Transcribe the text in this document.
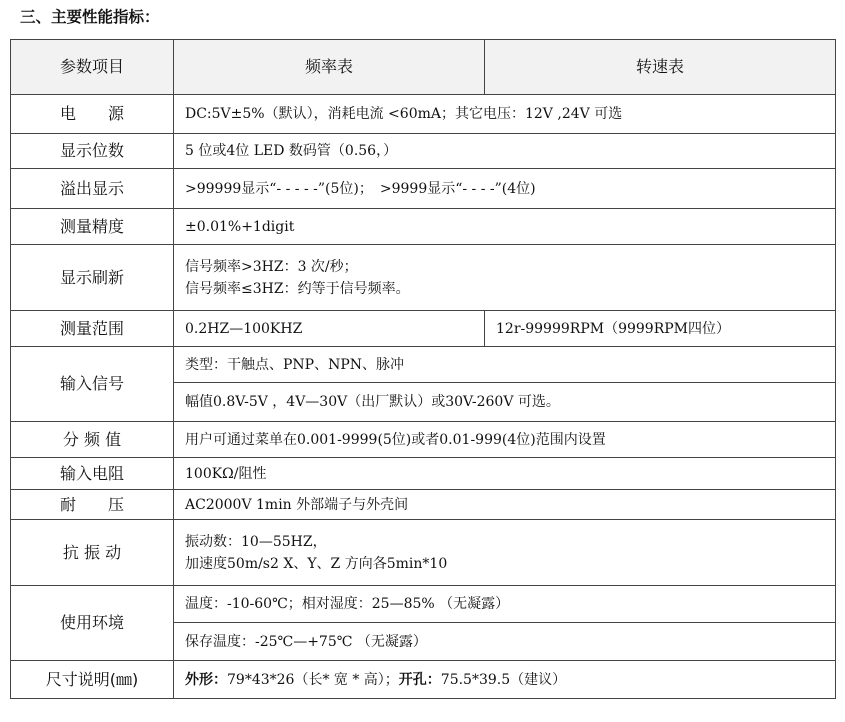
三、主要性能指标：
参数项目	频率表	转速表
电　　源	DC:5V±5%（默认），消耗电流 <60mA；其它电压：12V ,24V 可选	
显示位数	5 位或4位 LED 数码管（0.56，）	
溢出显示	>99999显示“- - - - -”(5位)；　>9999显示“- - - -”(4位)	
测量精度	±0.01%+1digit	
显示刷新	信号频率>3HZ：3 次/秒；
信号频率≤3HZ：约等于信号频率。	

测量范围	0.2HZ—100KHZ	12r-99999RPM（9999RPM四位）
输入信号	类型：干触点、PNP、NPN、脉冲	
	幅值0.8V-5V ，4V—30V（出厂默认）或30V-260V 可选。	
分 频 值	用户可通过菜单在0.001-9999(5位)或者0.01-999(4位)范围内设置	
输入电阻	100KΩ/阻性	
耐　　压	AC2000V 1min 外部端子与外壳间	
抗 振 动	振动数：10—55HZ，
加速度50m/s2 X、Y、Z 方向各5min*10	

使用环境	温度：-10-60℃；相对湿度：25—85% （无凝露）	
	保存温度：-25℃—+75℃ （无凝露）	
尺寸说明(㎜)	外形：79*43*26（长* 宽 * 高）；开孔：75.5*39.5（建议）	
